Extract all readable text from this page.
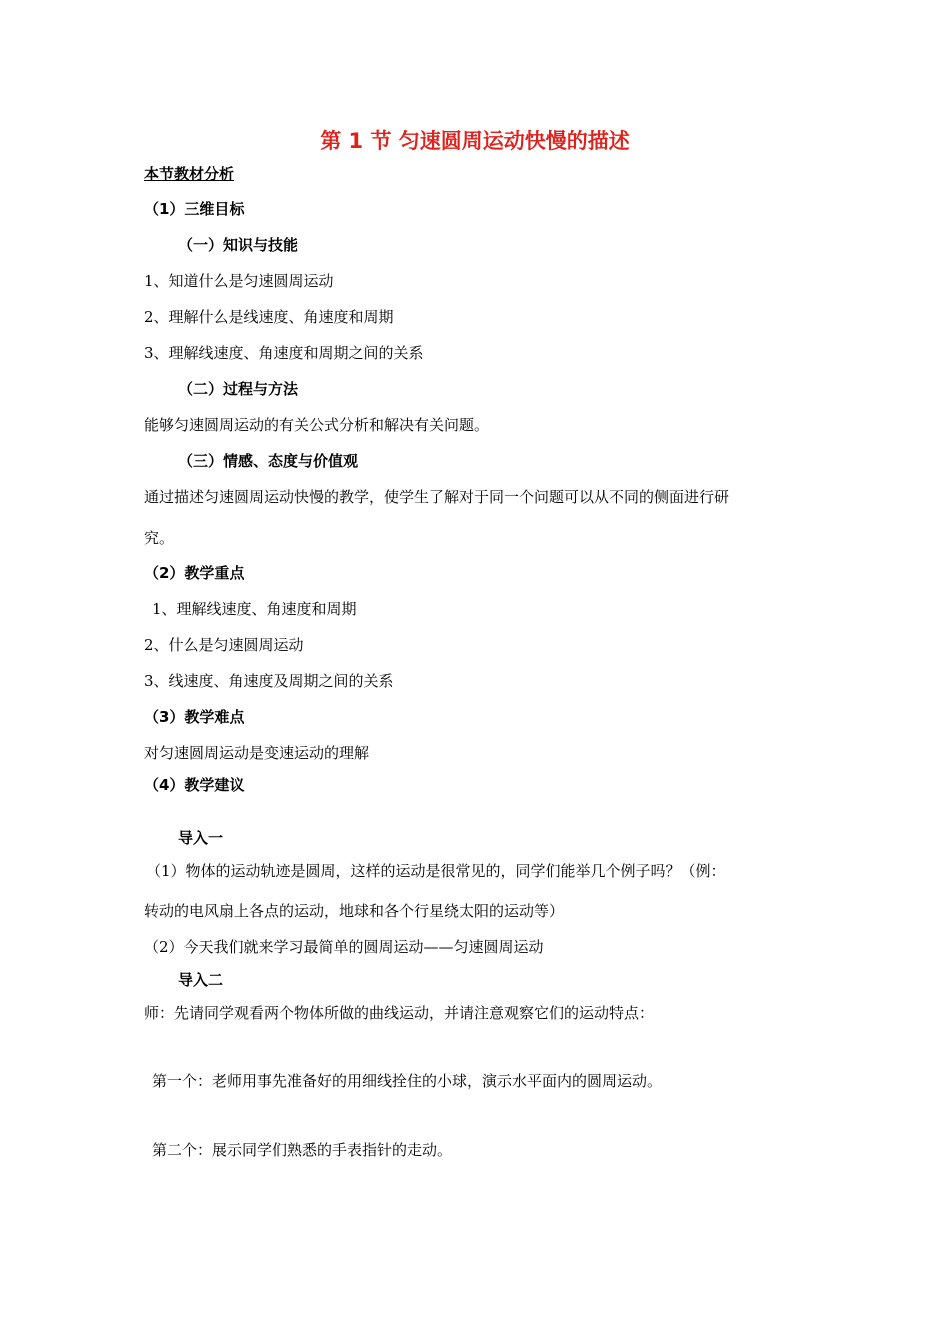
第 1 节 匀速圆周运动快慢的描述
本节教材分析
（1）三维目标
（一）知识与技能
1、知道什么是匀速圆周运动
2、理解什么是线速度、角速度和周期
3、理解线速度、角速度和周期之间的关系
（二）过程与方法
能够匀速圆周运动的有关公式分析和解决有关问题。
（三）情感、态度与价值观
通过描述匀速圆周运动快慢的教学，使学生了解对于同一个问题可以从不同的侧面进行研
究。
（2）教学重点
1、理解线速度、角速度和周期
2、什么是匀速圆周运动
3、线速度、角速度及周期之间的关系
（3）教学难点
对匀速圆周运动是变速运动的理解
（4）教学建议
导入一
（1）物体的运动轨迹是圆周，这样的运动是很常见的，同学们能举几个例子吗？（例：
转动的电风扇上各点的运动，地球和各个行星绕太阳的运动等）
（2）今天我们就来学习最简单的圆周运动——匀速圆周运动
导入二
师：先请同学观看两个物体所做的曲线运动，并请注意观察它们的运动特点：
第一个：老师用事先准备好的用细线拴住的小球，演示水平面内的圆周运动。
第二个：展示同学们熟悉的手表指针的走动。
